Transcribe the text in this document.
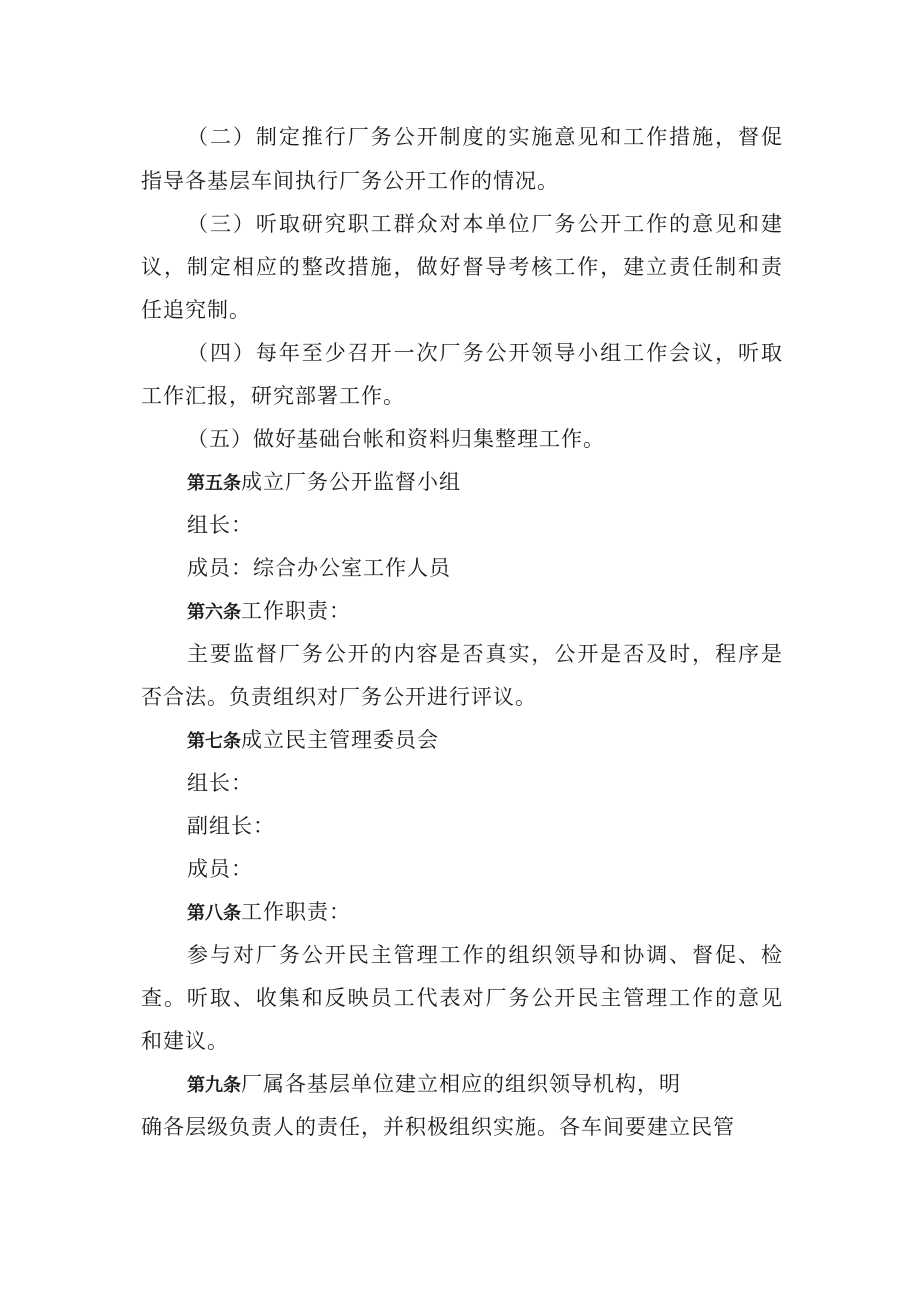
（二）制定推行厂务公开制度的实施意见和工作措施，督促
指导各基层车间执行厂务公开工作的情况。
（三）听取研究职工群众对本单位厂务公开工作的意见和建
议，制定相应的整改措施，做好督导考核工作，建立责任制和责
任追究制。
（四）每年至少召开一次厂务公开领导小组工作会议，听取
工作汇报，研究部署工作。
（五）做好基础台帐和资料归集整理工作。
第五条成立厂务公开监督小组
组长：
成员：综合办公室工作人员
第六条工作职责：
主要监督厂务公开的内容是否真实，公开是否及时，程序是
否合法。负责组织对厂务公开进行评议。
第七条成立民主管理委员会
组长：
副组长：
成员：
第八条工作职责：
参与对厂务公开民主管理工作的组织领导和协调、督促、检
查。听取、收集和反映员工代表对厂务公开民主管理工作的意见
和建议。
第九条厂属各基层单位建立相应的组织领导机构，明
确各层级负责人的责任，并积极组织实施。各车间要建立民管
